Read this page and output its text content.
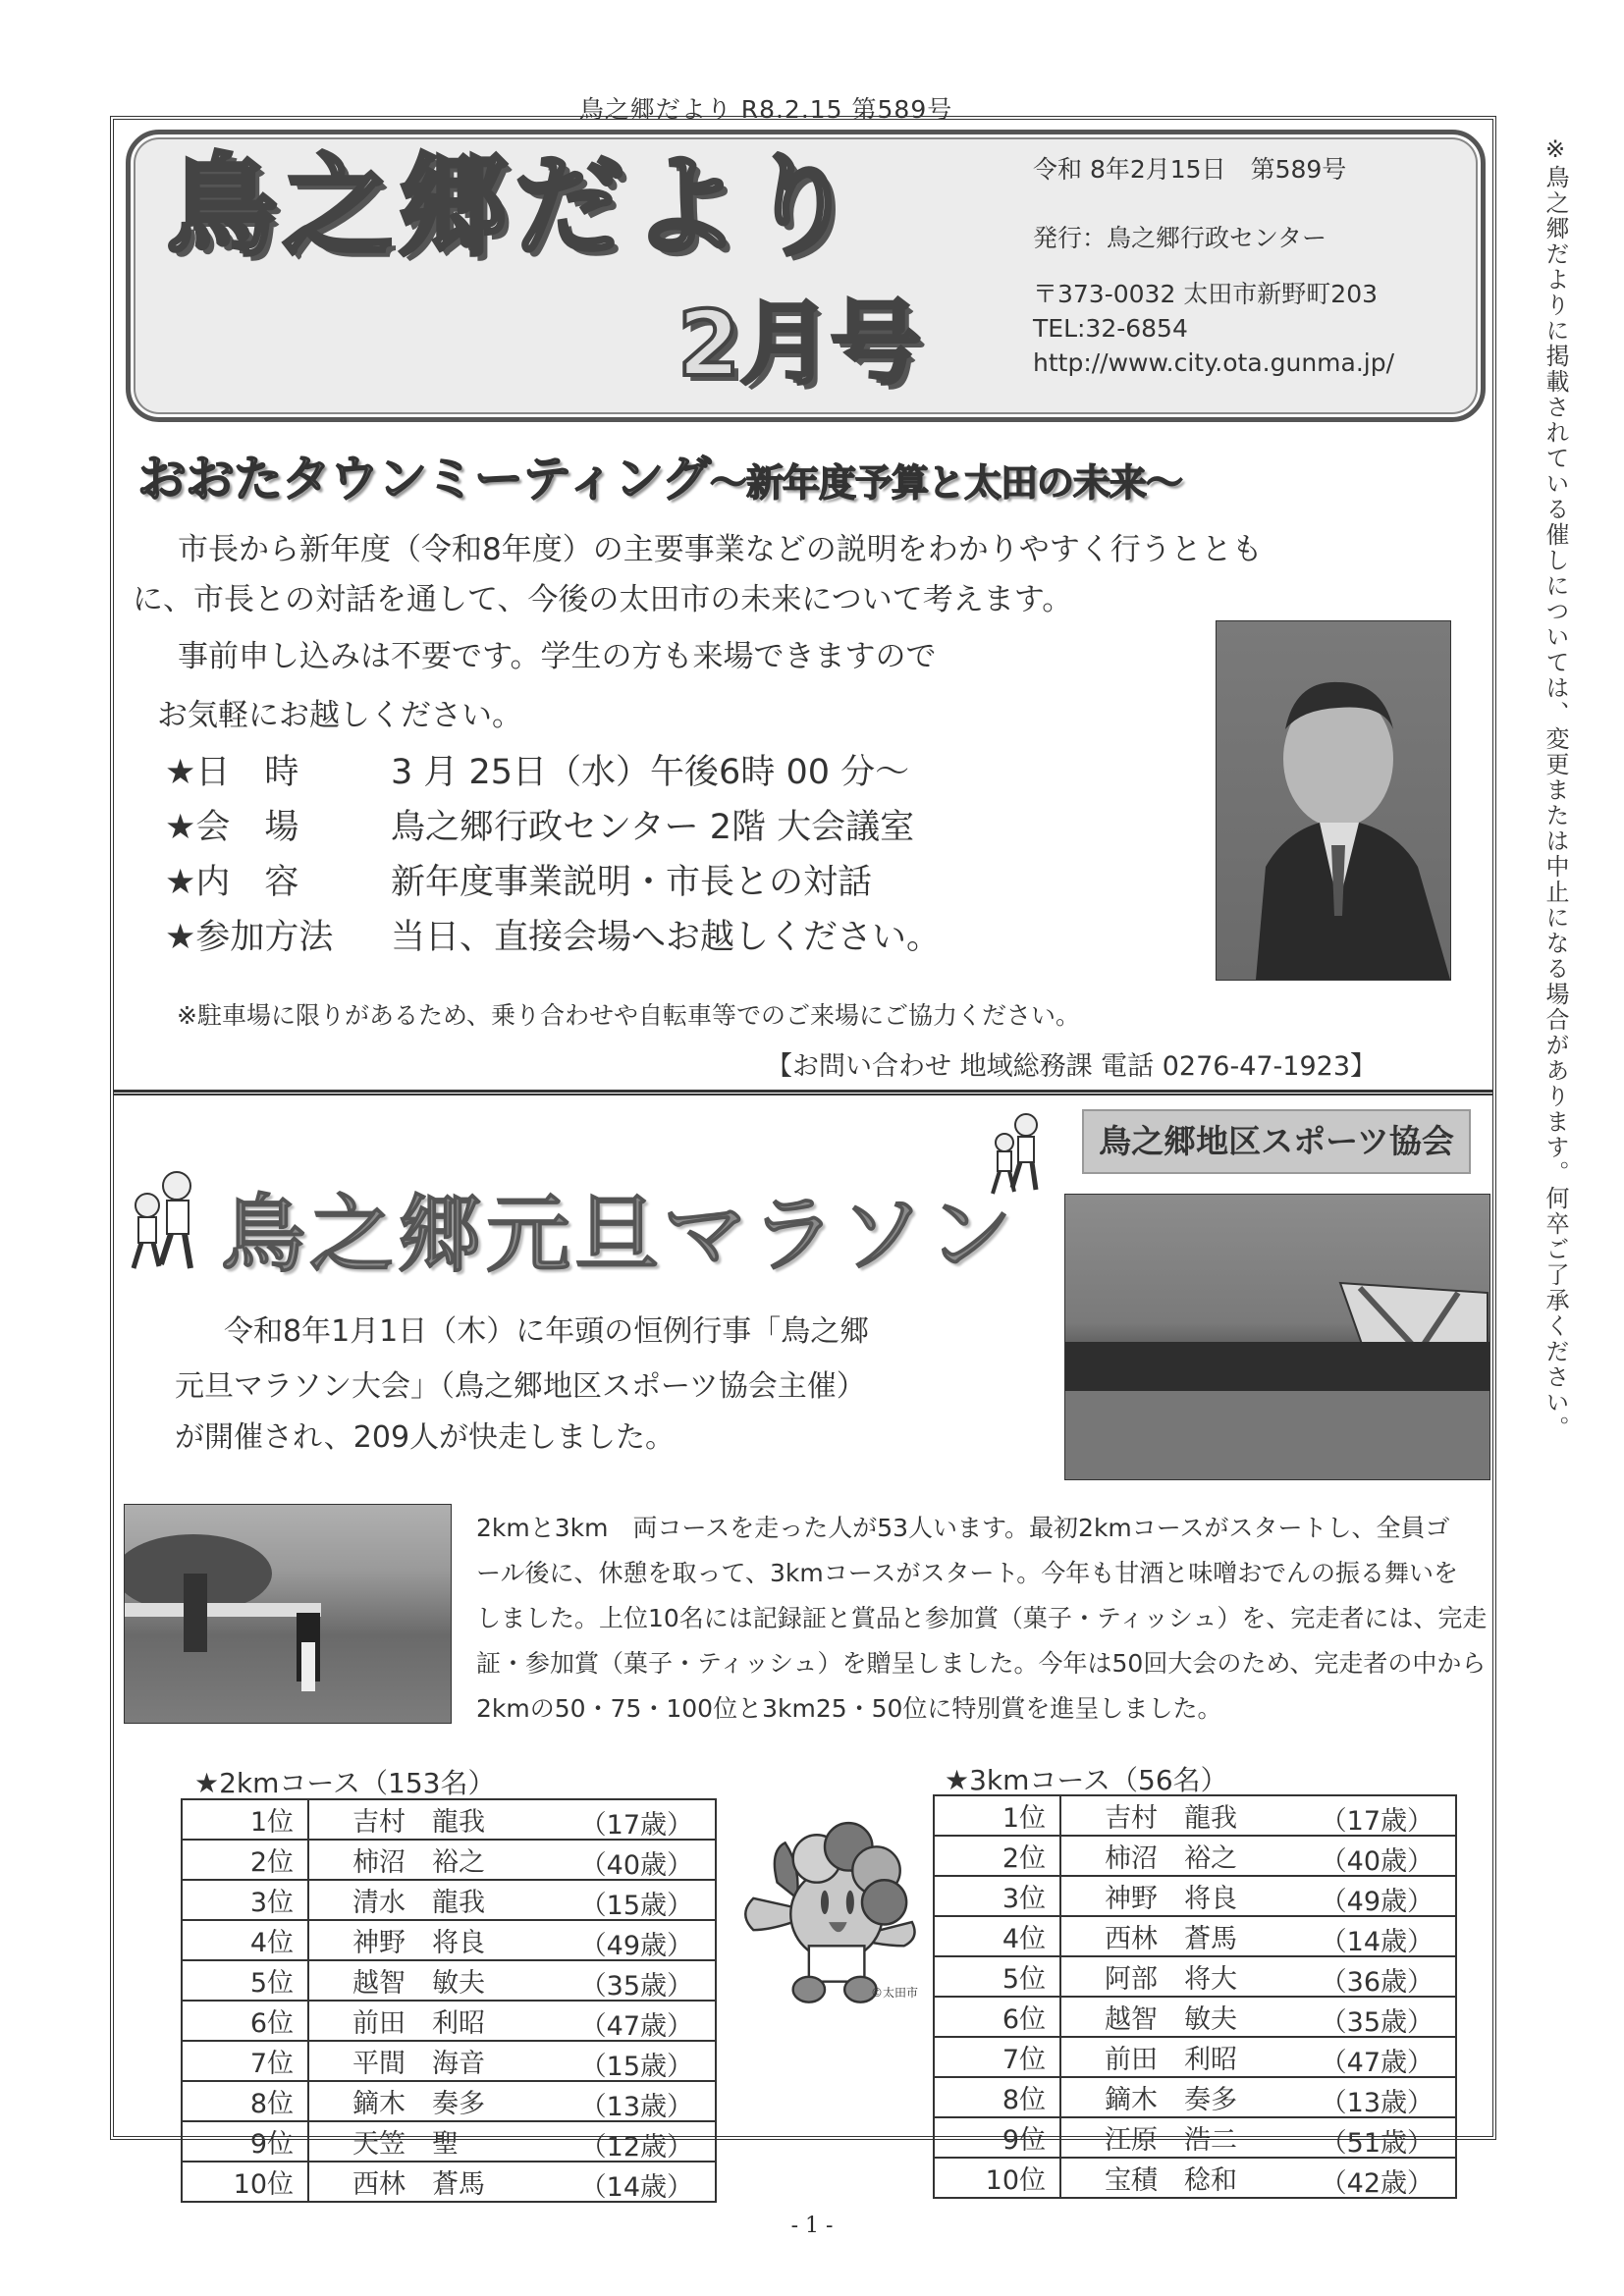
鳥之郷だより R8.2.15 第589号
鳥之郷だより
2月号
令和 8年2月15日　第589号
発行：鳥之郷行政センター
〒373-0032 太田市新野町203
TEL:32-6854
http://www.city.ota.gunma.jp/
おおたタウンミーティング～新年度予算と太田の未来～
　市長から新年度（令和8年度）の主要事業などの説明をわかりやすく行うととも
に、市長との対話を通して、今後の太田市の未来について考えます。
　事前申し込みは不要です。学生の方も来場できますので
お気軽にお越しください。
★日　時	3 月 25日（水）午後6時 00 分～
★会　場	鳥之郷行政センター 2階 大会議室
★内　容	新年度事業説明・市長との対話
★参加方法 当日、直接会場へお越しください。
※駐車場に限りがあるため、乗り合わせや自転車等でのご来場にご協力ください。
【お問い合わせ 地域総務課 電話 0276-47-1923】
鳥之郷地区スポーツ協会
鳥之郷元旦マラソン
令和8年1月1日（木）に年頭の恒例行事「鳥之郷
元旦マラソン大会」（鳥之郷地区スポーツ協会主催）
が開催され、209人が快走しました。
2kmと3km　両コースを走った人が53人います。最初2kmコースがスタートし、全員ゴ
ール後に、休憩を取って、3kmコースがスタート。今年も甘酒と味噌おでんの振る舞いを
しました。上位10名には記録証と賞品と参加賞（菓子・ティッシュ）を、完走者には、完走
証・参加賞（菓子・ティッシュ）を贈呈しました。今年は50回大会のため、完走者の中から
2kmの50・75・100位と3km25・50位に特別賞を進呈しました。
★2kmコース（153名）
1位	吉村　龍我 （17歳）

2位	柿沼　裕之 （40歳）

3位	清水　龍我 （15歳）

4位	神野　将良 （49歳）

5位	越智　敏夫 （35歳）

6位	前田　利昭 （47歳）

7位	平間　海音 （15歳）

8位	鏑木　奏多 （13歳）

9位	天笠　聖 （12歳）

10位	西林　蒼馬 （14歳）
©太田市
★3kmコース（56名）
1位	吉村　龍我 （17歳）

2位	柿沼　裕之 （40歳）

3位	神野　将良 （49歳）

4位	西林　蒼馬 （14歳）

5位	阿部　将大 （36歳）

6位	越智　敏夫 （35歳）

7位	前田　利昭 （47歳）

8位	鏑木　奏多 （13歳）

9位	江原　浩二 （51歳）

10位	宝積　稔和 （42歳）
※鳥之郷だよりに掲載されている催しについては、変更または中止になる場合があります。何卒ご了承ください。
- 1 -
